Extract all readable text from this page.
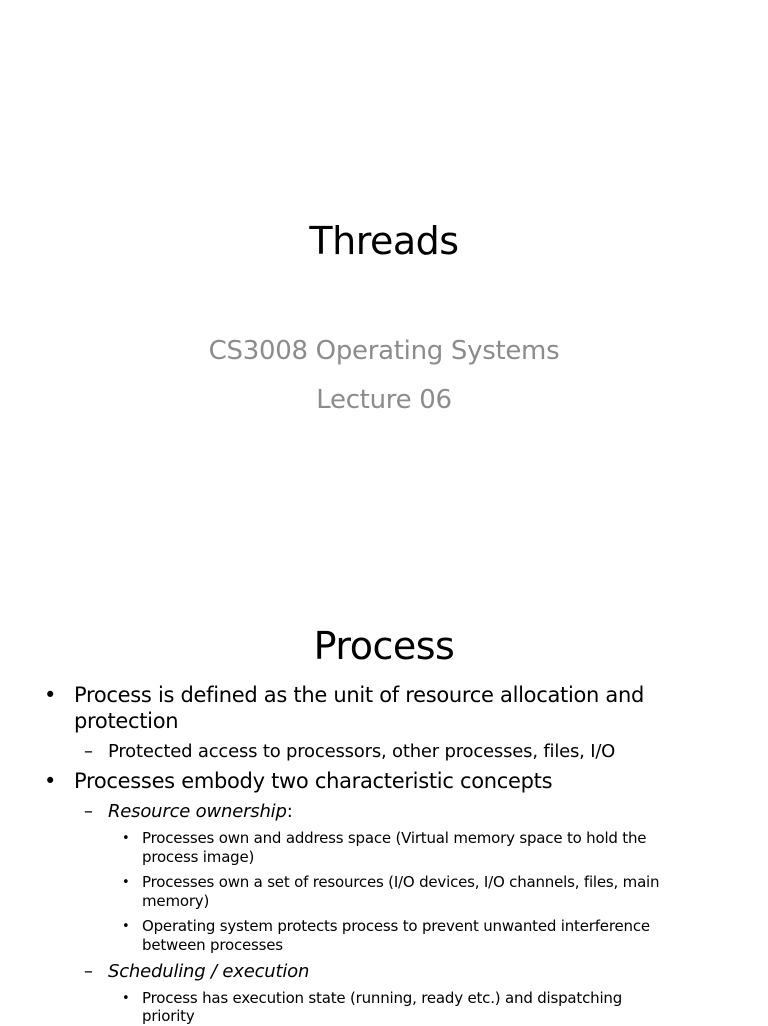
Threads
CS3008 Operating Systems
Lecture 06
Process
• Process is defined as the unit of resource allocation and
protection
– Protected access to processors, other processes, files, I/O
• Processes embody two characteristic concepts
– Resource ownership:
• Processes own and address space (Virtual memory space to hold the
process image)
• Processes own a set of resources (I/O devices, I/O channels, files, main
memory)
• Operating system protects process to prevent unwanted interference
between processes
– Scheduling / execution
• Process has execution state (running, ready etc.) and dispatching
priority
